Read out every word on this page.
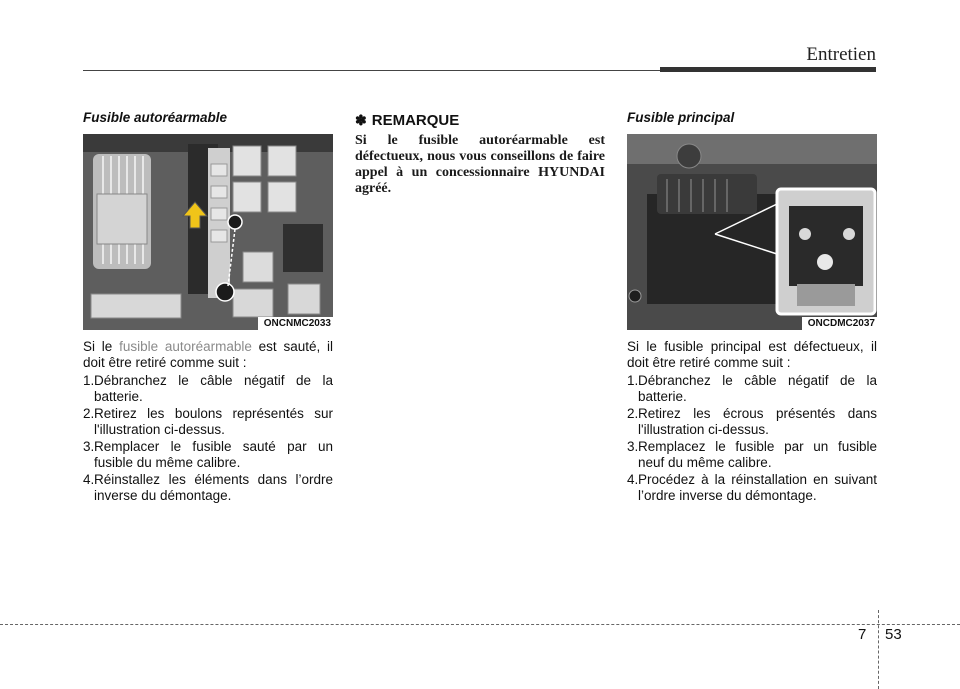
Entretien
Fusible autoréarmable
ONCNMC2033

Si le fusible autoréarmable est sauté, il doit être retiré comme suit :

1. Débranchez le câble négatif de la batterie.
2. Retirez les boulons représentés sur l'illustration ci-dessus.
3. Remplacer le fusible sauté par un fusible du même calibre.
4. Réinstallez les éléments dans l’ordre inverse du démontage.
✽ REMARQUE
Si le fusible autoréarmable est défectueux, nous vous conseillons de faire appel à un concessionnaire HYUNDAI agréé.
Fusible principal
ONCDMC2037

Si le fusible principal est défectueux, il doit être retiré comme suit :

1. Débranchez le câble négatif de la batterie.
2. Retirez les écrous présentés dans l'illustration ci-dessus.
3. Remplacez le fusible par un fusible neuf du même calibre.
4. Procédez à la réinstallation en suivant l’ordre inverse du démontage.
7 53
